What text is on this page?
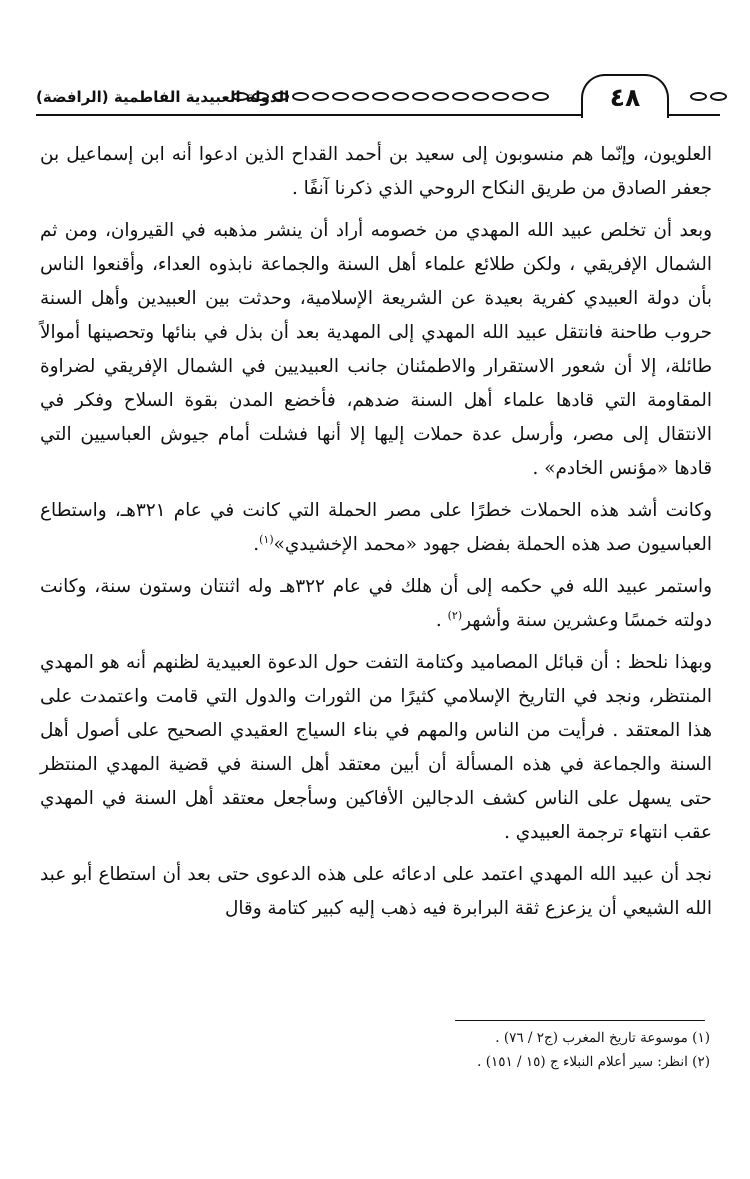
الدولة العبيدية الفاطمية (الرافضة)	٤٨

العلويون، وإنّما هم منسوبون إلى سعيد بن أحمد القداح الذين ادعوا أنه ابن إسماعيل بن جعفر الصادق من طريق النكاح الروحي الذي ذكرنا آنفًا .

وبعد أن تخلص عبيد الله المهدي من خصومه أراد أن ينشر مذهبه في القيروان، ومن ثم الشمال الإفريقي ، ولكن طلائع علماء أهل السنة والجماعة نابذوه العداء، وأقنعوا الناس بأن دولة العبيدي كفرية بعيدة عن الشريعة الإسلامية، وحدثت بين العبيدين وأهل السنة حروب طاحنة فانتقل عبيد الله المهدي إلى المهدية بعد أن بذل في بنائها وتحصينها أموالاً طائلة، إلا أن شعور الاستقرار والاطمئنان جانب العبيديين في الشمال الإفريقي لضراوة المقاومة التي قادها علماء أهل السنة ضدهم، فأخضع المدن بقوة السلاح وفكر في الانتقال إلى مصر، وأرسل عدة حملات إليها إلا أنها فشلت أمام جيوش العباسيين التي قادها «مؤنس الخادم» .

وكانت أشد هذه الحملات خطرًا على مصر الحملة التي كانت في عام ٣٢١هـ، واستطاع العباسيون صد هذه الحملة بفضل جهود «محمد الإخشيدي»$^{(١)}$.

واستمر عبيد الله في حكمه إلى أن هلك في عام ٣٢٢هـ وله اثنتان وستون سنة، وكانت دولته خمسًا وعشرين سنة وأشهر$^{(٢)}$ .

وبهذا نلحظ : أن قبائل المصاميد وكتامة التفت حول الدعوة العبيدية لظنهم أنه هو المهدي المنتظر، ونجد في التاريخ الإسلامي كثيرًا من الثورات والدول التي قامت واعتمدت على هذا المعتقد . فرأيت من الناس والمهم في بناء السياج العقيدي الصحيح على أصول أهل السنة والجماعة في هذه المسألة أن أبين معتقد أهل السنة في قضية المهدي المنتظر حتى يسهل على الناس كشف الدجالين الأفاكين وسأجعل معتقد أهل السنة في المهدي عقب انتهاء ترجمة العبيدي .

نجد أن عبيد الله المهدي اعتمد على ادعائه على هذه الدعوى حتى بعد أن استطاع أبو عبد الله الشيعي أن يزعزع ثقة البرابرة فيه ذهب إليه كبير كتامة وقال

(١) موسوعة تاريخ المغرب (ج٢ / ٧٦) .

(٢) انظر: سير أعلام النبلاء ج (١٥ / ١٥١) .
